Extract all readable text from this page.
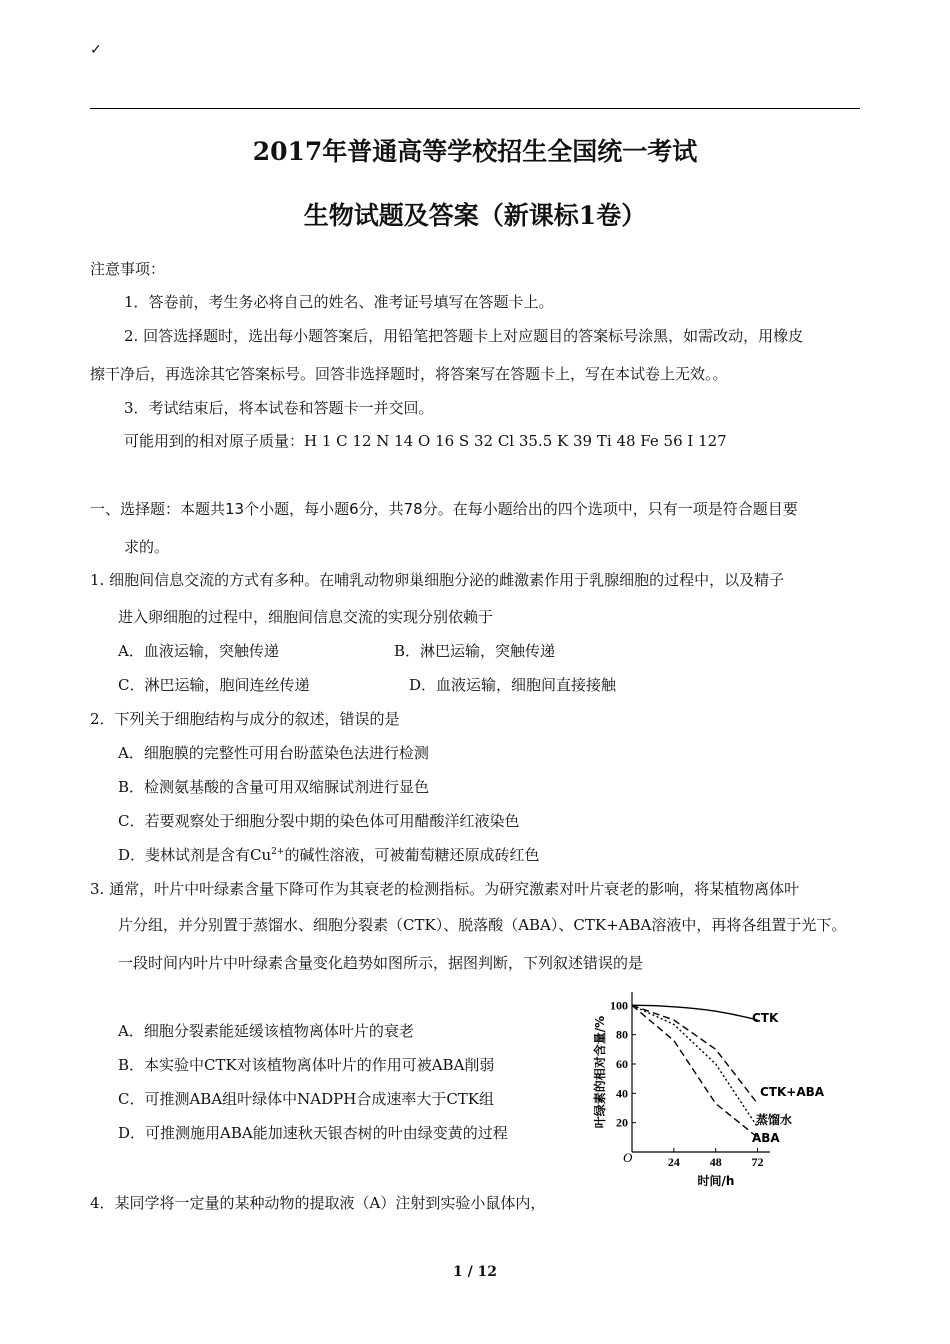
✓
2017年普通高等学校招生全国统一考试
生物试题及答案（新课标1卷）
注意事项：
1．答卷前，考生务必将自己的姓名、准考证号填写在答题卡上。
2. 回答选择题时，选出每小题答案后，用铅笔把答题卡上对应题目的答案标号涂黑，如需改动，用橡皮
擦干净后，再选涂其它答案标号。回答非选择题时，将答案写在答题卡上，写在本试卷上无效。。
3．考试结束后，将本试卷和答题卡一并交回。
可能用到的相对原子质量：H 1 C 12 N 14 O 16 S 32 Cl 35.5 K 39 Ti 48 Fe 56 I 127
一、选择题：本题共13个小题，每小题6分，共78分。在每小题给出的四个选项中，只有一项是符合题目要
求的。
1. 细胞间信息交流的方式有多种。在哺乳动物卵巢细胞分泌的雌激素作用于乳腺细胞的过程中，以及精子
进入卵细胞的过程中，细胞间信息交流的实现分别依赖于
A．血液运输，突触传递	B．淋巴运输，突触传递
C．淋巴运输，胞间连丝传递	D．血液运输，细胞间直接接触
2．下列关于细胞结构与成分的叙述，错误的是
A．细胞膜的完整性可用台盼蓝染色法进行检测
B．检测氨基酸的含量可用双缩脲试剂进行显色
C．若要观察处于细胞分裂中期的染色体可用醋酸洋红液染色
D．斐林试剂是含有$Cu^{2+}$的碱性溶液，可被葡萄糖还原成砖红色
3. 通常，叶片中叶绿素含量下降可作为其衰老的检测指标。为研究激素对叶片衰老的影响，将某植物离体叶
片分组，并分别置于蒸馏水、细胞分裂素（CTK）、脱落酸（ABA）、CTK+ABA溶液中，再将各组置于光下。
一段时间内叶片中叶绿素含量变化趋势如图所示，据图判断，下列叙述错误的是
A．细胞分裂素能延缓该植物离体叶片的衰老
B．本实验中CTK对该植物离体叶片的作用可被ABA削弱
C．可推测ABA组叶绿体中NADPH合成速率大于CTK组
D．可推测施用ABA能加速秋天银杏树的叶由绿变黄的过程
O
叶绿素的相对含量/%
时间/h
20
40
60
80
100
24 48 72
CTK
CTK+ABA
蒸馏水
ABA
4．某同学将一定量的某种动物的提取液（A）注射到实验小鼠体内，
1 / 12
